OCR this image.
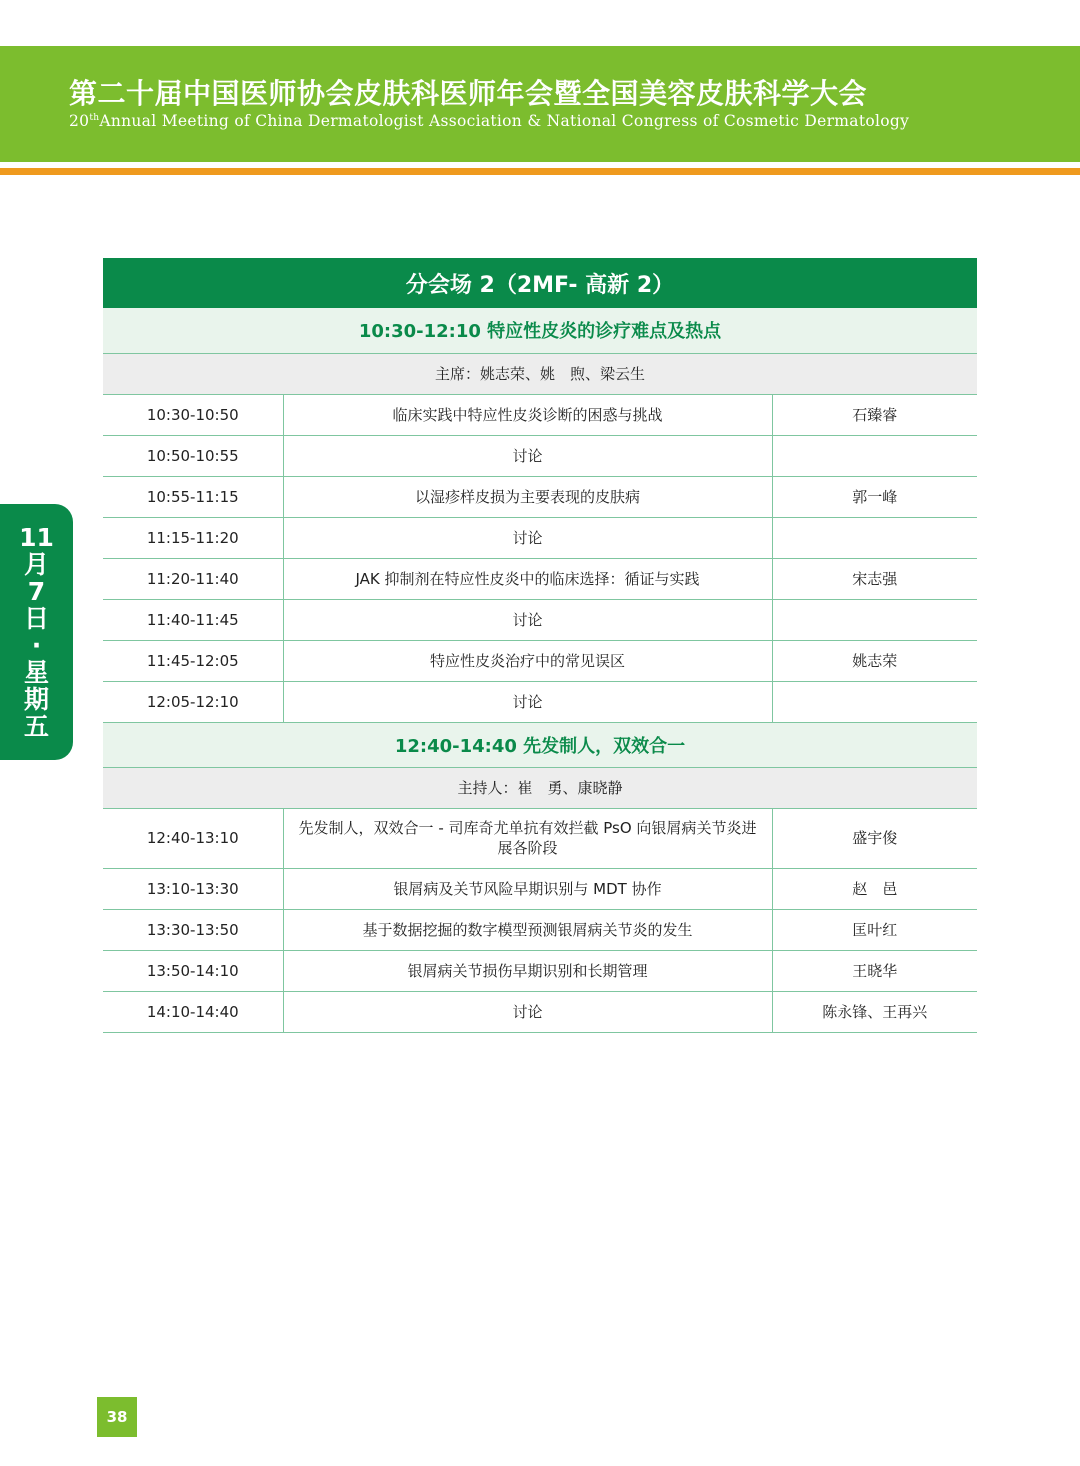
第二十届中国医师协会皮肤科医师年会暨全国美容皮肤科学大会
20thAnnual Meeting of China Dermatologist Association & National Congress of Cosmetic Dermatology
11
月
7
日
·
星
期
五
分会场 2（2MF- 高新 2）		
10:30-12:10 特应性皮炎的诊疗难点及热点		
主席：姚志荣、姚　煦、梁云生		
10:30-10:50	临床实践中特应性皮炎诊断的困惑与挑战	石臻睿
10:50-10:55	讨论	
10:55-11:15	以湿疹样皮损为主要表现的皮肤病	郭一峰
11:15-11:20	讨论	
11:20-11:40	JAK 抑制剂在特应性皮炎中的临床选择：循证与实践	宋志强
11:40-11:45	讨论	
11:45-12:05	特应性皮炎治疗中的常见误区	姚志荣
12:05-12:10	讨论	
12:40-14:40 先发制人，双效合一		
主持人：崔　勇、康晓静		
12:40-13:10	先发制人，双效合一 - 司库奇尤单抗有效拦截 PsO 向银屑病关节炎进展各阶段	盛宇俊
13:10-13:30	银屑病及关节风险早期识别与 MDT 协作	赵　邑
13:30-13:50	基于数据挖掘的数字模型预测银屑病关节炎的发生	匡叶红
13:50-14:10	银屑病关节损伤早期识别和长期管理	王晓华
14:10-14:40	讨论	陈永锋、王再兴
38
